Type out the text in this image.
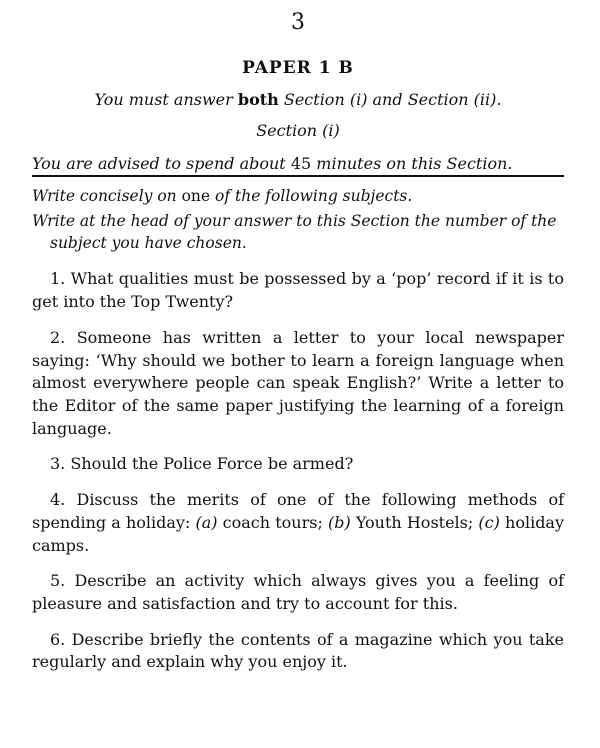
3
PAPER 1 B
You must answer both Section (i) and Section (ii).
Section (i)
You are advised to spend about 45 minutes on this Section.
Write concisely on one of the following subjects.
Write at the head of your answer to this Section the number of the subject you have chosen.
1. What qualities must be possessed by a ‘pop’ record if it is to get into the Top Twenty?
2. Someone has written a letter to your local newspaper saying: ‘Why should we bother to learn a foreign language when almost everywhere people can speak English?’ Write a letter to the Editor of the same paper justifying the learning of a foreign language.
3. Should the Police Force be armed?
4. Discuss the merits of one of the following methods of spending a holiday: (a) coach tours; (b) Youth Hostels; (c) holiday camps.
5. Describe an activity which always gives you a feeling of pleasure and satisfaction and try to account for this.
6. Describe briefly the contents of a magazine which you take regularly and explain why you enjoy it.
